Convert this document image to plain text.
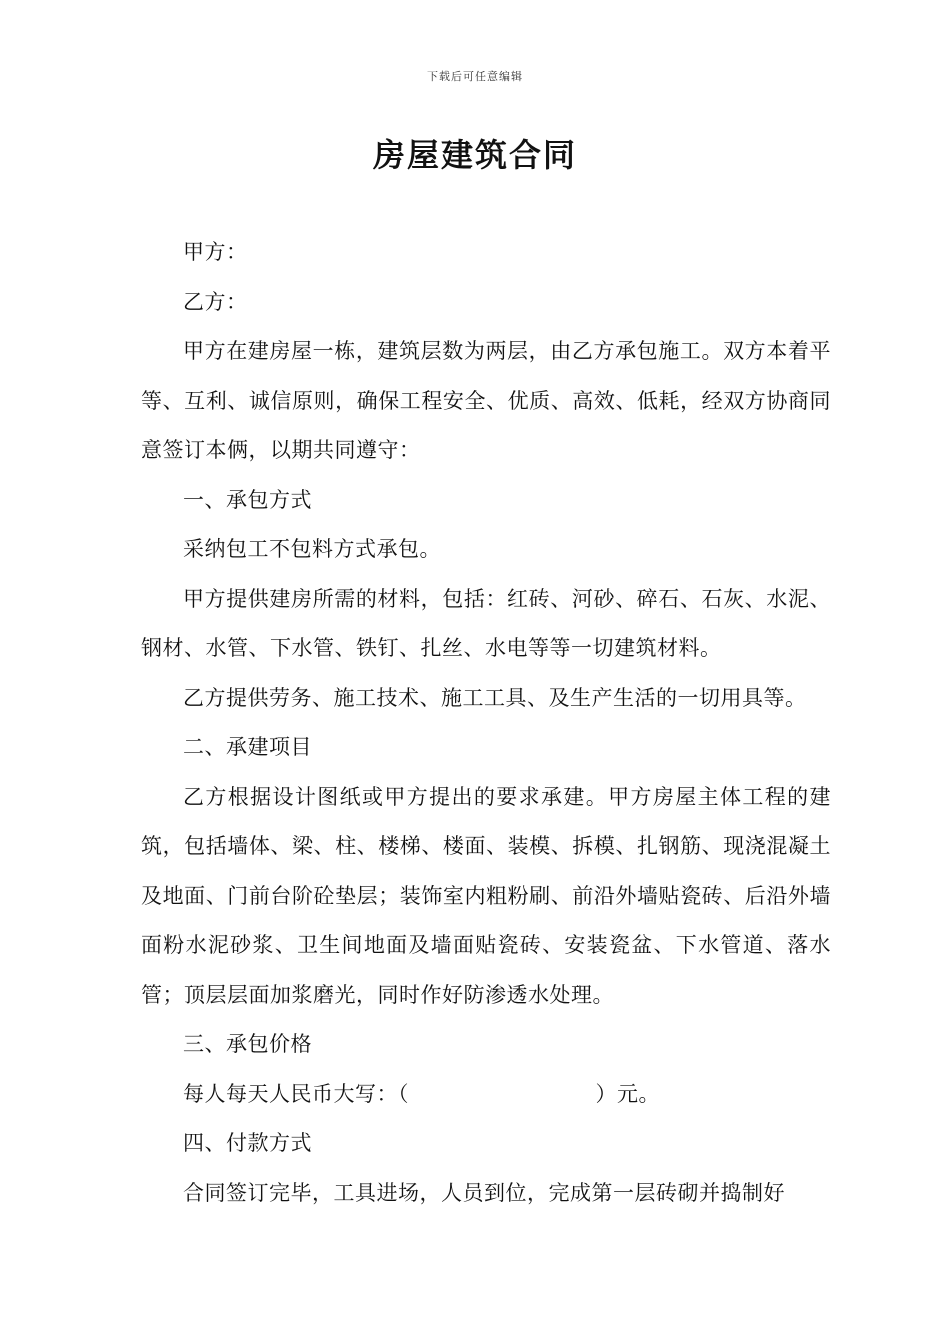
下载后可任意编辑
房屋建筑合同

甲方：

乙方：

甲方在建房屋一栋，建筑层数为两层，由乙方承包施工。双方本着平等、互利、诚信原则，确保工程安全、优质、高效、低耗，经双方协商同意签订本俩，以期共同遵守：

一、承包方式

采纳包工不包料方式承包。

甲方提供建房所需的材料，包括：红砖、河砂、碎石、石灰、水泥、钢材、水管、下水管、铁钉、扎丝、水电等等一切建筑材料。

乙方提供劳务、施工技术、施工工具、及生产生活的一切用具等。

二、承建项目

乙方根据设计图纸或甲方提出的要求承建。甲方房屋主体工程的建筑，包括墙体、梁、柱、楼梯、楼面、装模、拆模、扎钢筋、现浇混凝土及地面、门前台阶砼垫层；装饰室内粗粉刷、前沿外墙贴瓷砖、后沿外墙面粉水泥砂浆、卫生间地面及墙面贴瓷砖、安装瓷盆、下水管道、落水管；顶层层面加浆磨光，同时作好防渗透水处理。

三、承包价格

每人每天人民币大写：（                          ）元。

四、付款方式

合同签订完毕，工具进场，人员到位，完成第一层砖砌并捣制好
